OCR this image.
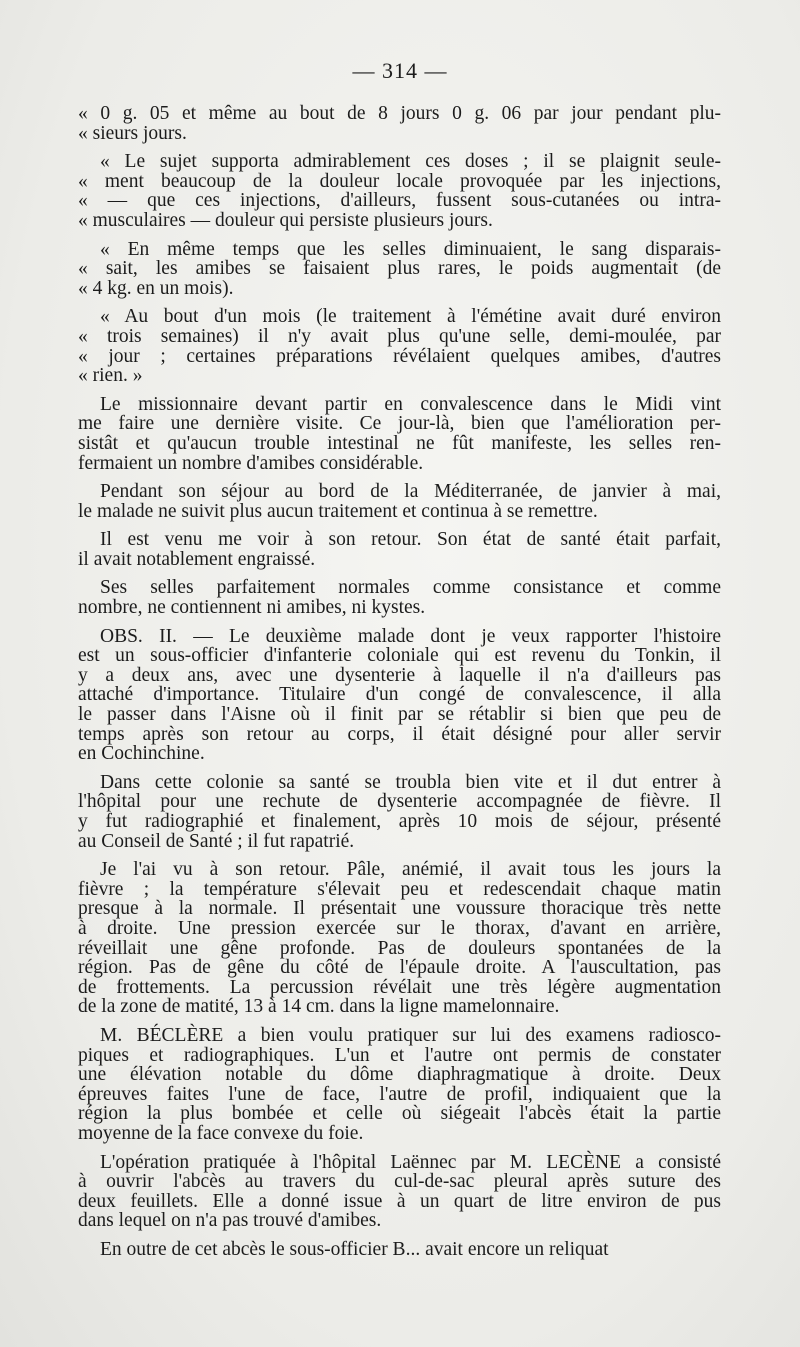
— 314 —

« 0 g. 05 et même au bout de 8 jours 0 g. 06 par jour pendant plu-
« sieurs jours.

« Le sujet supporta admirablement ces doses ; il se plaignit seule-
« ment beaucoup de la douleur locale provoquée par les injections,
« — que ces injections, d'ailleurs, fussent sous-cutanées ou intra-
« musculaires — douleur qui persiste plusieurs jours.

« En même temps que les selles diminuaient, le sang disparais-
« sait, les amibes se faisaient plus rares, le poids augmentait (de
« 4 kg. en un mois).

« Au bout d'un mois (le traitement à l'émétine avait duré environ
« trois semaines) il n'y avait plus qu'une selle, demi-moulée, par
« jour ; certaines préparations révélaient quelques amibes, d'autres
« rien. »

Le missionnaire devant partir en convalescence dans le Midi vint
me faire une dernière visite. Ce jour-là, bien que l'amélioration per-
sistât et qu'aucun trouble intestinal ne fût manifeste, les selles ren-
fermaient un nombre d'amibes considérable.

Pendant son séjour au bord de la Méditerranée, de janvier à mai,
le malade ne suivit plus aucun traitement et continua à se remettre.

Il est venu me voir à son retour. Son état de santé était parfait,
il avait notablement engraissé.

Ses selles parfaitement normales comme consistance et comme
nombre, ne contiennent ni amibes, ni kystes.

OBS. II. — Le deuxième malade dont je veux rapporter l'histoire
est un sous-officier d'infanterie coloniale qui est revenu du Tonkin, il
y a deux ans, avec une dysenterie à laquelle il n'a d'ailleurs pas
attaché d'importance. Titulaire d'un congé de convalescence, il alla
le passer dans l'Aisne où il finit par se rétablir si bien que peu de
temps après son retour au corps, il était désigné pour aller servir
en Cochinchine.

Dans cette colonie sa santé se troubla bien vite et il dut entrer à
l'hôpital pour une rechute de dysenterie accompagnée de fièvre. Il
y fut radiographié et finalement, après 10 mois de séjour, présenté
au Conseil de Santé ; il fut rapatrié.

Je l'ai vu à son retour. Pâle, anémié, il avait tous les jours la
fièvre ; la température s'élevait peu et redescendait chaque matin
presque à la normale. Il présentait une voussure thoracique très nette
à droite. Une pression exercée sur le thorax, d'avant en arrière,
réveillait une gêne profonde. Pas de douleurs spontanées de la
région. Pas de gêne du côté de l'épaule droite. A l'auscultation, pas
de frottements. La percussion révélait une très légère augmentation
de la zone de matité, 13 à 14 cm. dans la ligne mamelonnaire.

M. BÉCLÈRE a bien voulu pratiquer sur lui des examens radiosco-
piques et radiographiques. L'un et l'autre ont permis de constater
une élévation notable du dôme diaphragmatique à droite. Deux
épreuves faites l'une de face, l'autre de profil, indiquaient que la
région la plus bombée et celle où siégeait l'abcès était la partie
moyenne de la face convexe du foie.

L'opération pratiquée à l'hôpital Laënnec par M. LECÈNE a consisté
à ouvrir l'abcès au travers du cul-de-sac pleural après suture des
deux feuillets. Elle a donné issue à un quart de litre environ de pus
dans lequel on n'a pas trouvé d'amibes.

En outre de cet abcès le sous-officier B... avait encore un reliquat
